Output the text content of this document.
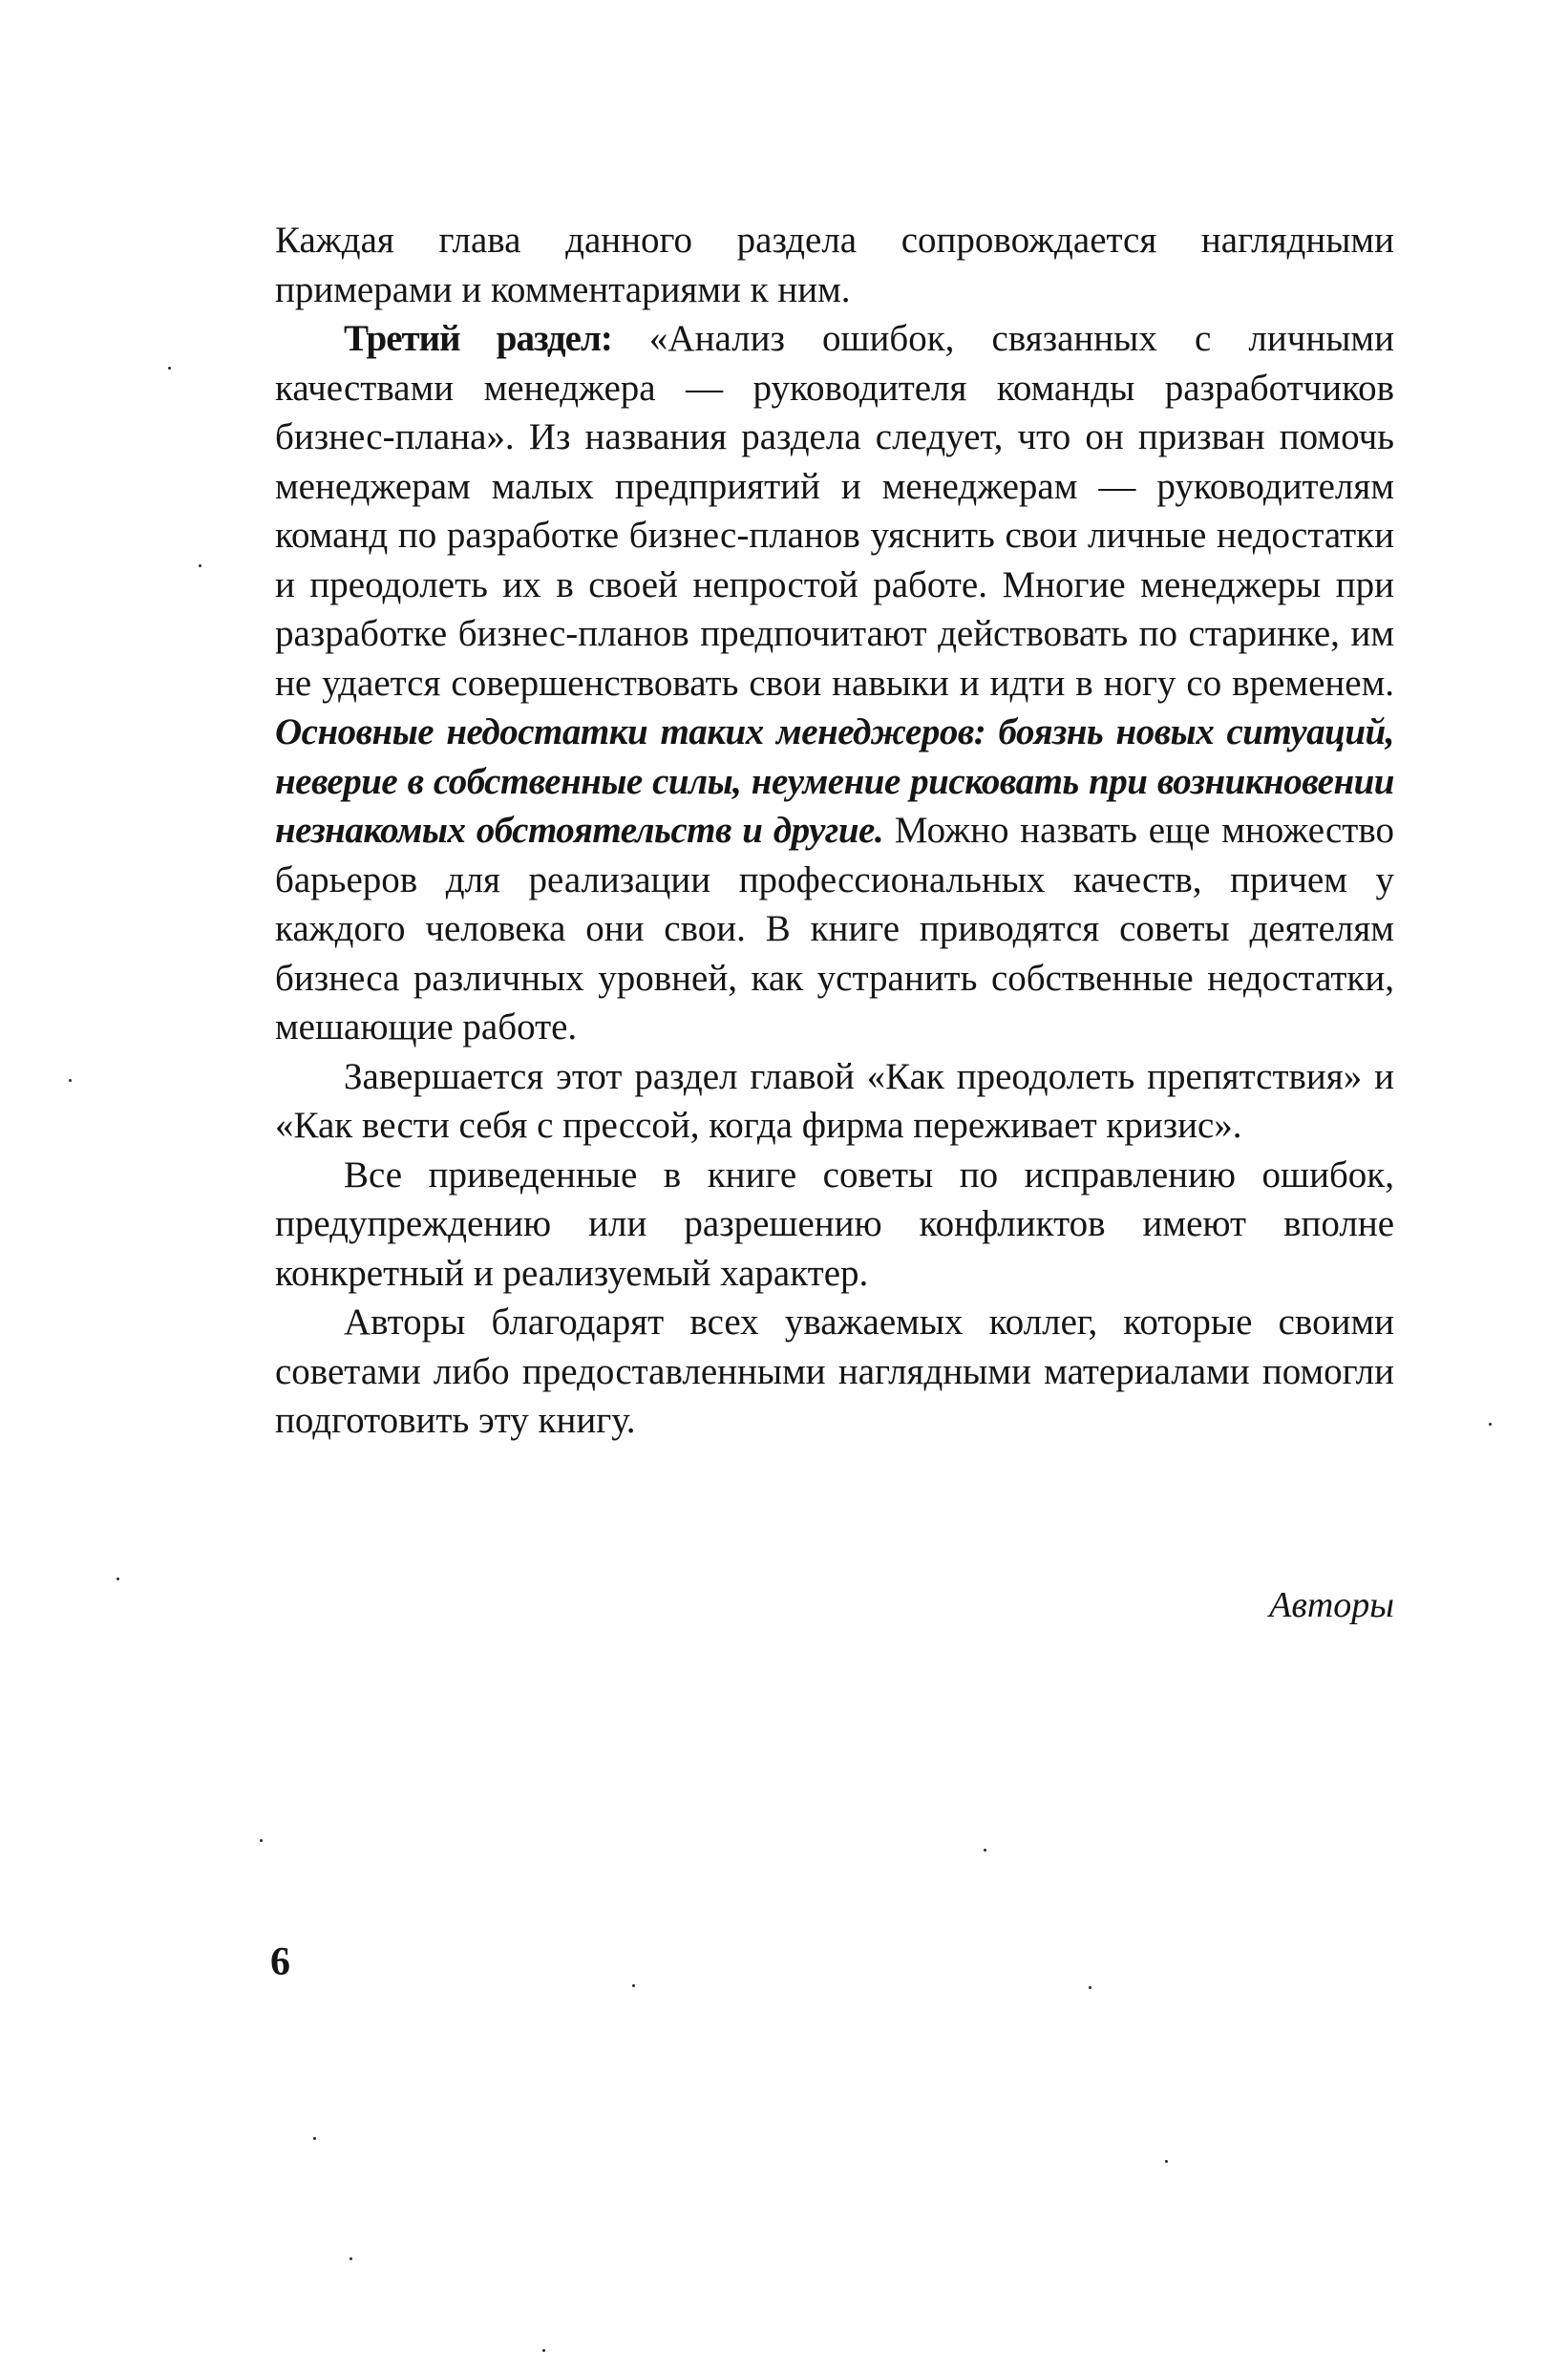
Каждая глава данного раздела сопровождается наглядными примерами и комментариями к ним.

Третий раздел: «Анализ ошибок, связанных с личными качествами менеджера — руководителя команды разработчиков бизнес-плана». Из названия раздела следует, что он призван помочь менеджерам малых предприятий и менеджерам — руководителям команд по разработке бизнес-планов уяснить свои личные недостатки и преодолеть их в своей непростой работе. Многие менеджеры при разработке бизнес-планов предпочитают действовать по старинке, им не удается совершенствовать свои навыки и идти в ногу со временем. Основные недостатки таких менеджеров: боязнь новых ситуаций, неверие в собственные силы, неумение рисковать при возникновении незнакомых обстоятельств и другие. Можно назвать еще множество барьеров для реализации профессиональных качеств, причем у каждого человека они свои. В книге приводятся советы деятелям бизнеса различных уровней, как устранить собственные недостатки, мешающие работе.

Завершается этот раздел главой «Как преодолеть препятствия» и «Как вести себя с прессой, когда фирма переживает кризис».

Все приведенные в книге советы по исправлению ошибок, предупреждению или разрешению конфликтов имеют вполне конкретный и реализуемый характер.

Авторы благодарят всех уважаемых коллег, которые своими советами либо предоставленными наглядными материалами помогли подготовить эту книгу.

Авторы
6
